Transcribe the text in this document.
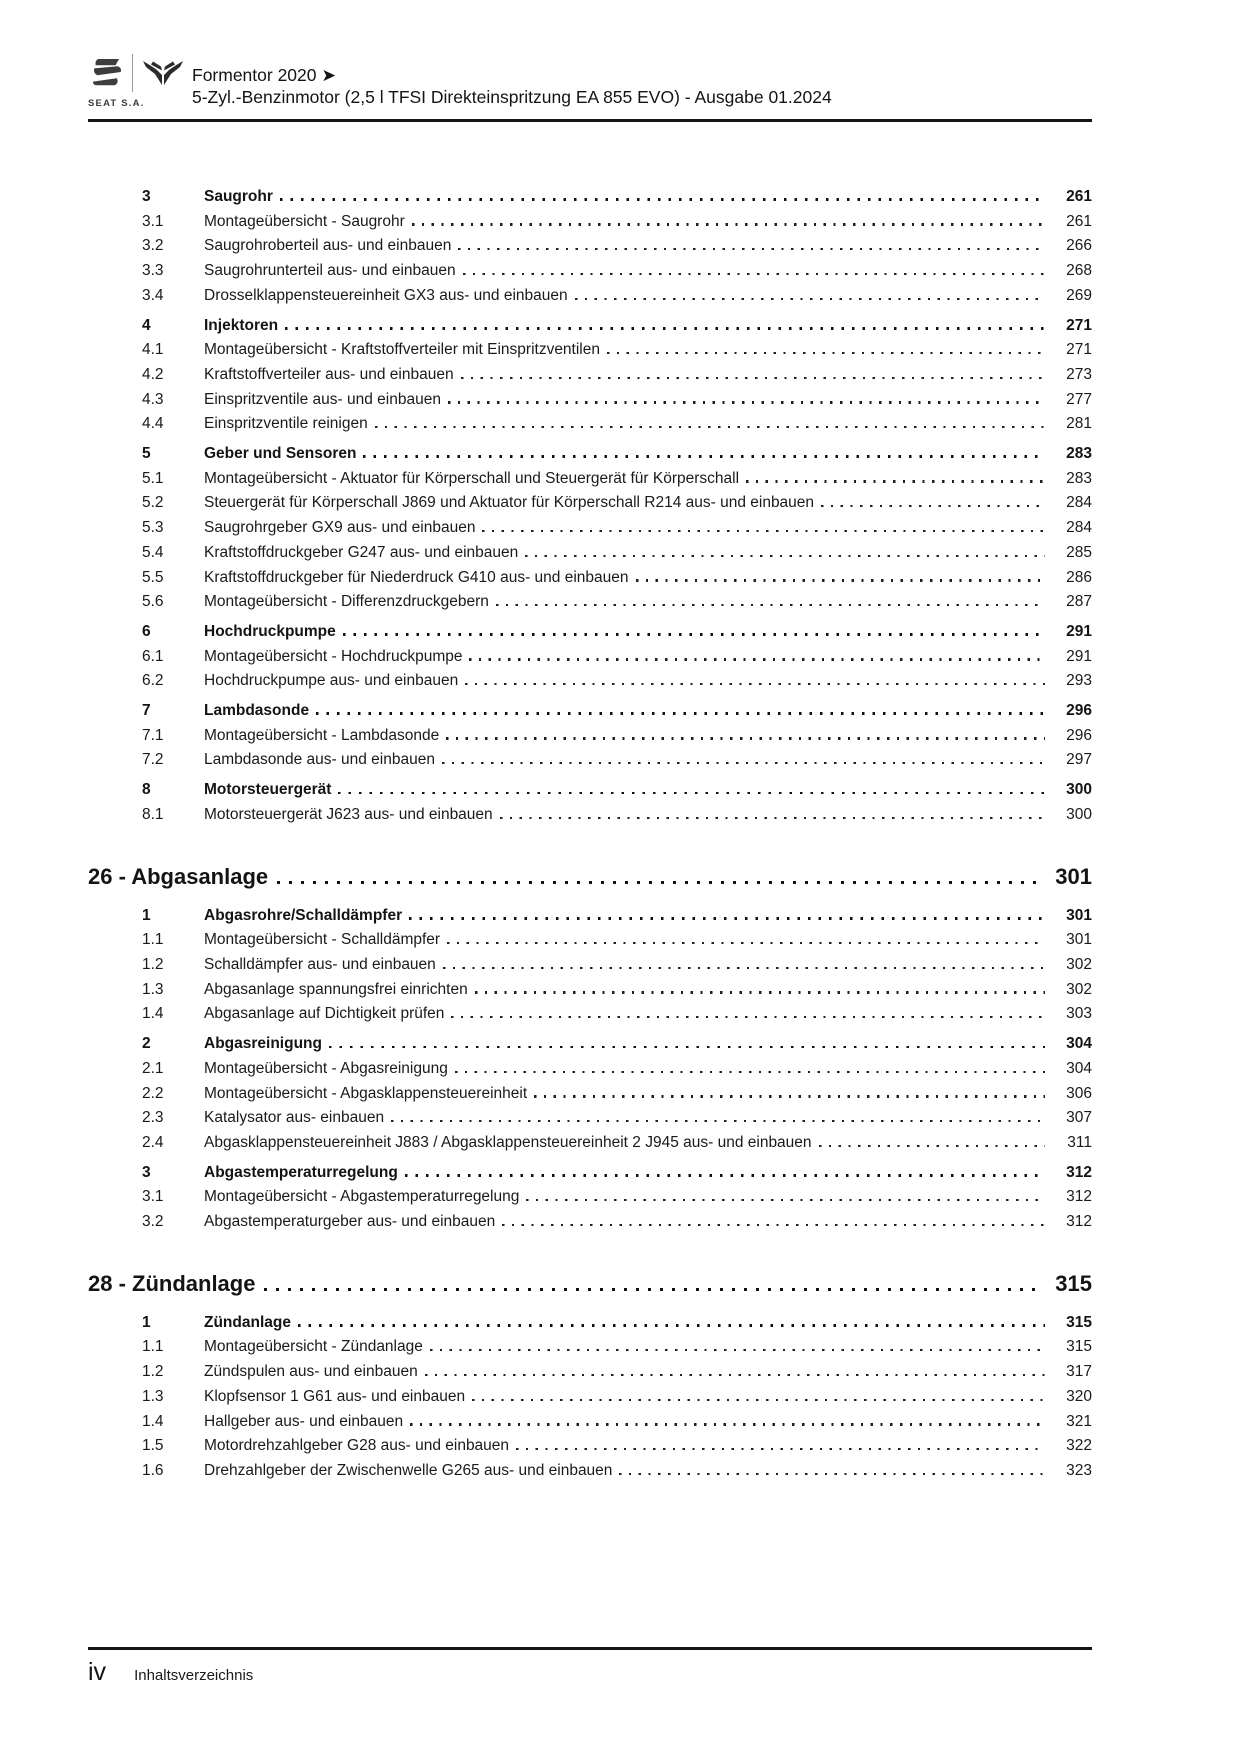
SEAT S.A.
Formentor 2020 ➤
5-Zyl.-Benzinmotor (2,5 l TFSI Direkteinspritzung EA 855 EVO) - Ausgabe 01.2024
3	Saugrohr	261
3.1	Montageübersicht - Saugrohr	261
3.2	Saugrohroberteil aus- und einbauen	266
3.3	Saugrohrunterteil aus- und einbauen	268
3.4	Drosselklappensteuereinheit GX3 aus- und einbauen	269
4	Injektoren	271
4.1	Montageübersicht - Kraftstoffverteiler mit Einspritzventilen	271
4.2	Kraftstoffverteiler aus- und einbauen	273
4.3	Einspritzventile aus- und einbauen	277
4.4	Einspritzventile reinigen	281
5	Geber und Sensoren	283
5.1	Montageübersicht - Aktuator für Körperschall und Steuergerät für Körperschall	283
5.2	Steuergerät für Körperschall J869 und Aktuator für Körperschall R214 aus- und einbauen	284
5.3	Saugrohrgeber GX9 aus- und einbauen	284
5.4	Kraftstoffdruckgeber G247 aus- und einbauen	285
5.5	Kraftstoffdruckgeber für Niederdruck G410 aus- und einbauen	286
5.6	Montageübersicht - Differenzdruckgebern	287
6	Hochdruckpumpe	291
6.1	Montageübersicht - Hochdruckpumpe	291
6.2	Hochdruckpumpe aus- und einbauen	293
7	Lambdasonde	296
7.1	Montageübersicht - Lambdasonde	296
7.2	Lambdasonde aus- und einbauen	297
8	Motorsteuergerät	300
8.1	Motorsteuergerät J623 aus- und einbauen	300
26 - Abgasanlage	301
1	Abgasrohre/Schalldämpfer	301
1.1	Montageübersicht - Schalldämpfer	301
1.2	Schalldämpfer aus- und einbauen	302
1.3	Abgasanlage spannungsfrei einrichten	302
1.4	Abgasanlage auf Dichtigkeit prüfen	303
2	Abgasreinigung	304
2.1	Montageübersicht - Abgasreinigung	304
2.2	Montageübersicht - Abgasklappensteuereinheit	306
2.3	Katalysator aus- einbauen	307
2.4	Abgasklappensteuereinheit J883 / Abgasklappensteuereinheit 2 J945 aus- und einbauen	311
3	Abgastemperaturregelung	312
3.1	Montageübersicht - Abgastemperaturregelung	312
3.2	Abgastemperaturgeber aus- und einbauen	312
28 - Zündanlage	315
1	Zündanlage	315
1.1	Montageübersicht - Zündanlage	315
1.2	Zündspulen aus- und einbauen	317
1.3	Klopfsensor 1 G61 aus- und einbauen	320
1.4	Hallgeber aus- und einbauen	321
1.5	Motordrehzahlgeber G28 aus- und einbauen	322
1.6	Drehzahlgeber der Zwischenwelle G265 aus- und einbauen	323
iv Inhaltsverzeichnis
